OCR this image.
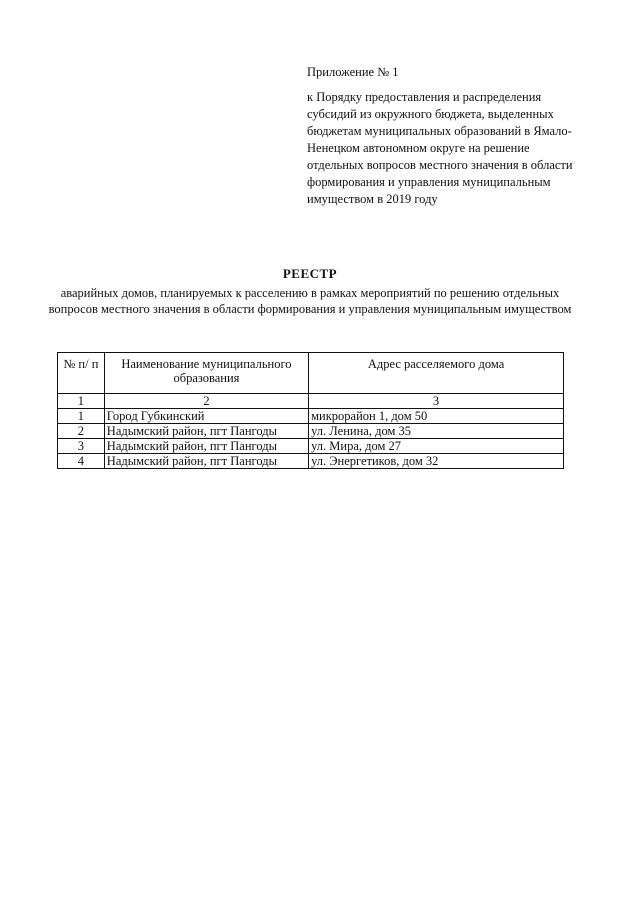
Приложение № 1

к Порядку предоставления и распределения субсидий из окружного бюджета, выделенных бюджетам муниципальных образований в Ямало-Ненецком автономном округе на решение отдельных вопросов местного значения в области формирования и управления муниципальным имуществом в 2019 году

РЕЕСТР
аварийных домов, планируемых к расселению в рамках мероприятий по решению отдельных вопросов местного значения в области формирования и управления муниципальным имуществом
№ п/ п	Наименование муниципального образования	Адрес расселяемого дома
1	2	3
1	Город Губкинский	микрорайон 1, дом 50
2	Надымский район, пгт Пангоды	ул. Ленина, дом 35
3	Надымский район, пгт Пангоды	ул. Мира, дом 27
4	Надымский район, пгт Пангоды	ул. Энергетиков, дом 32
